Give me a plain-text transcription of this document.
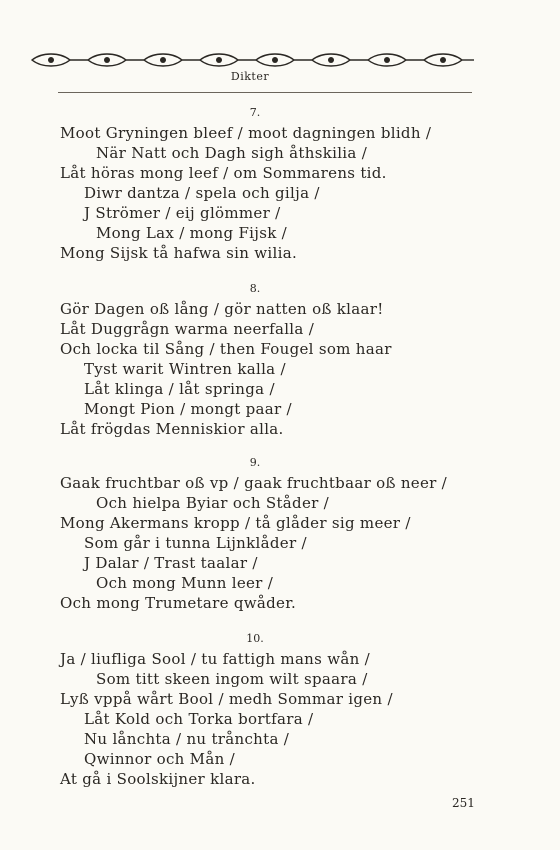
Dikter
7.
Moot Gryningen bleef / moot dagningen blidh /
När Natt och Dagh sigh åthskilia /
Låt höras mong leef / om Sommarens tid.
Diwr dantza / spela och gilja /
J Strömer / eij glömmer /
Mong Lax / mong Fijsk /
Mong Sijsk tå hafwa sin wilia.
8.
Gör Dagen oß lång / gör natten oß klaar!
Låt Duggrågn warma neerfalla /
Och locka til Sång / then Fougel som haar
Tyst warit Wintren kalla /
Låt klinga / låt springa /
Mongt Pion / mongt paar /
Låt frögdas Menniskior alla.
9.
Gaak fruchtbar oß vp / gaak fruchtbaar oß neer /
Och hielpa Byiar och Ståder /
Mong Akermans kropp / tå glåder sig meer /
Som går i tunna Lijnklåder /
J Dalar / Trast taalar /
Och mong Munn leer /
Och mong Trumetare qwåder.
10.
Ja / liufliga Sool / tu fattigh mans wån /
Som titt skeen ingom wilt spaara /
Lyß vppå wårt Bool / medh Sommar igen /
Låt Kold och Torka bortfara /
Nu lånchta / nu trånchta /
Qwinnor och Mån /
At gå i Soolskijner klara.
251
